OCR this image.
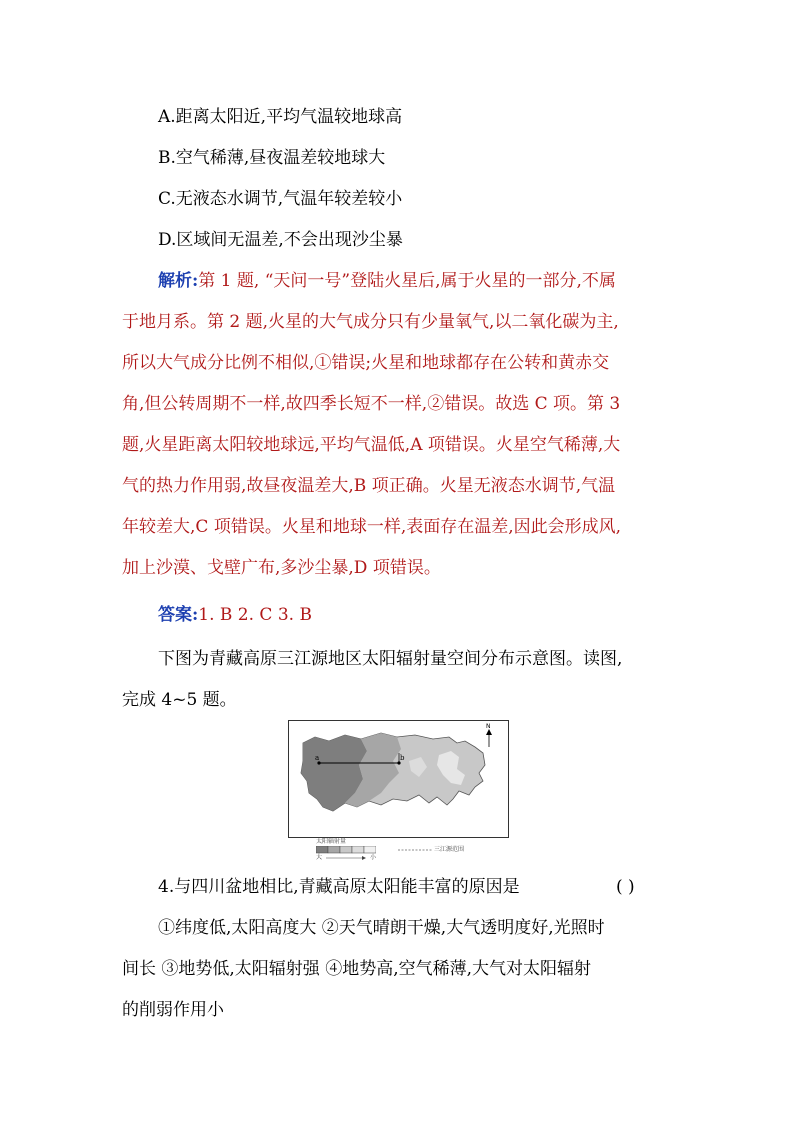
A.距离太阳近,平均气温较地球高
B.空气稀薄,昼夜温差较地球大
C.无液态水调节,气温年较差较小
D.区域间无温差,不会出现沙尘暴
解析:第 1 题, “天问一号”登陆火星后,属于火星的一部分,不属
于地月系。第 2 题,火星的大气成分只有少量氧气,以二氧化碳为主,
所以大气成分比例不相似,①错误;火星和地球都存在公转和黄赤交
角,但公转周期不一样,故四季长短不一样,②错误。故选 C 项。第 3
题,火星距离太阳较地球远,平均气温低,A 项错误。火星空气稀薄,大
气的热力作用弱,故昼夜温差大,B 项正确。火星无液态水调节,气温
年较差大,C 项错误。火星和地球一样,表面存在温差,因此会形成风,
加上沙漠、戈壁广布,多沙尘暴,D 项错误。
答案:1. B 2. C 3. B
下图为青藏高原三江源地区太阳辐射量空间分布示意图。读图,
完成 4~5 题。
a	b
N
太阳辐射量
大	小
三江源范围
4.与四川盆地相比,青藏高原太阳能丰富的原因是	( )
①纬度低,太阳高度大 ②天气晴朗干燥,大气透明度好,光照时
间长 ③地势低,太阳辐射强 ④地势高,空气稀薄,大气对太阳辐射
的削弱作用小
